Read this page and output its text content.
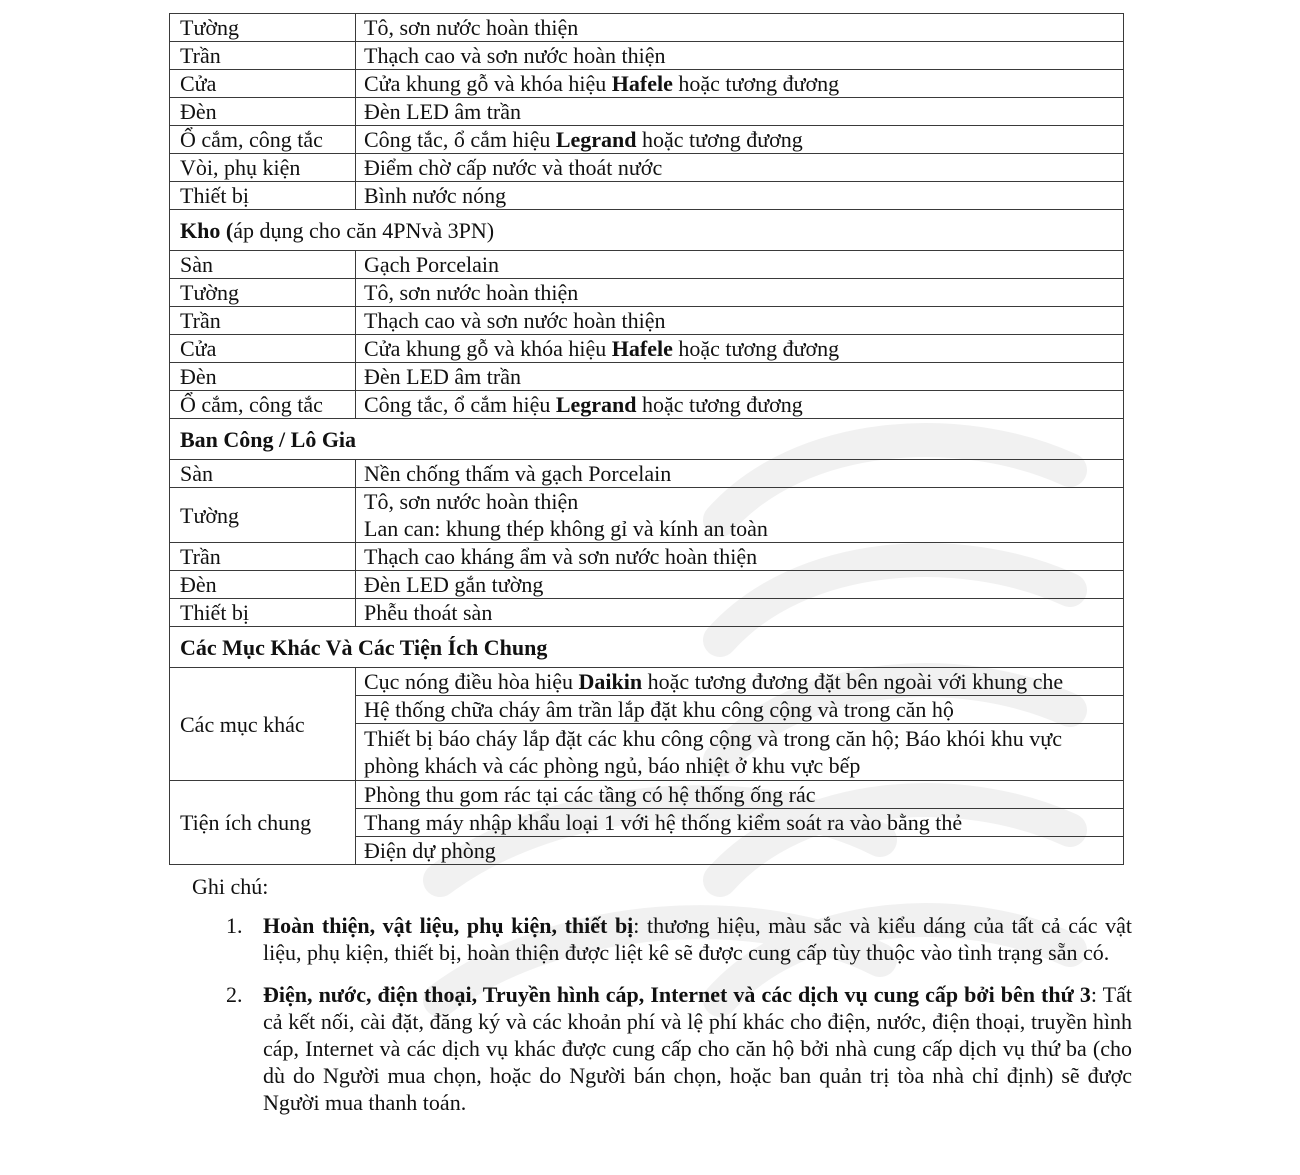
Tường	Tô, sơn nước hoàn thiện
Trần	Thạch cao và sơn nước hoàn thiện
Cửa	Cửa khung gỗ và khóa hiệu Hafele hoặc tương đương
Đèn	Đèn LED âm trần
Ổ cắm, công tắc	Công tắc, ổ cắm hiệu Legrand hoặc tương đương
Vòi, phụ kiện	Điểm chờ cấp nước và thoát nước
Thiết bị	Bình nước nóng
Kho (áp dụng cho căn 4PNvà 3PN)	
Sàn	Gạch Porcelain
Tường	Tô, sơn nước hoàn thiện
Trần	Thạch cao và sơn nước hoàn thiện
Cửa	Cửa khung gỗ và khóa hiệu Hafele hoặc tương đương
Đèn	Đèn LED âm trần
Ổ cắm, công tắc	Công tắc, ổ cắm hiệu Legrand hoặc tương đương
Ban Công / Lô Gia	
Sàn	Nền chống thấm và gạch Porcelain
Tường	Tô, sơn nước hoàn thiện
Lan can: khung thép không gỉ và kính an toàn
Trần	Thạch cao kháng ẩm và sơn nước hoàn thiện
Đèn	Đèn LED gắn tường
Thiết bị	Phễu thoát sàn
Các Mục Khác Và Các Tiện Ích Chung	
Các mục khác	Cục nóng điều hòa hiệu Daikin hoặc tương đương đặt bên ngoài với khung che
Hệ thống chữa cháy âm trần lắp đặt khu công cộng và trong căn hộ
Thiết bị báo cháy lắp đặt các khu công cộng và trong căn hộ; Báo khói khu vực phòng khách và các phòng ngủ, báo nhiệt ở khu vực bếp

Tiện ích chung	Phòng thu gom rác tại các tầng có hệ thống ống rác
Thang máy nhập khẩu loại 1 với hệ thống kiểm soát ra vào bằng thẻ
Điện dự phòng
Ghi chú:
1. Hoàn thiện, vật liệu, phụ kiện, thiết bị: thương hiệu, màu sắc và kiểu dáng của tất cả các vật liệu, phụ kiện, thiết bị, hoàn thiện được liệt kê sẽ được cung cấp tùy thuộc vào tình trạng sẵn có.
2. Điện, nước, điện thoại, Truyền hình cáp, Internet và các dịch vụ cung cấp bởi bên thứ 3: Tất cả kết nối, cài đặt, đăng ký và các khoản phí và lệ phí khác cho điện, nước, điện thoại, truyền hình cáp, Internet và các dịch vụ khác được cung cấp cho căn hộ bởi nhà cung cấp dịch vụ thứ ba (cho dù do Người mua chọn, hoặc do Người bán chọn, hoặc ban quản trị tòa nhà chỉ định) sẽ được Người mua thanh toán.
